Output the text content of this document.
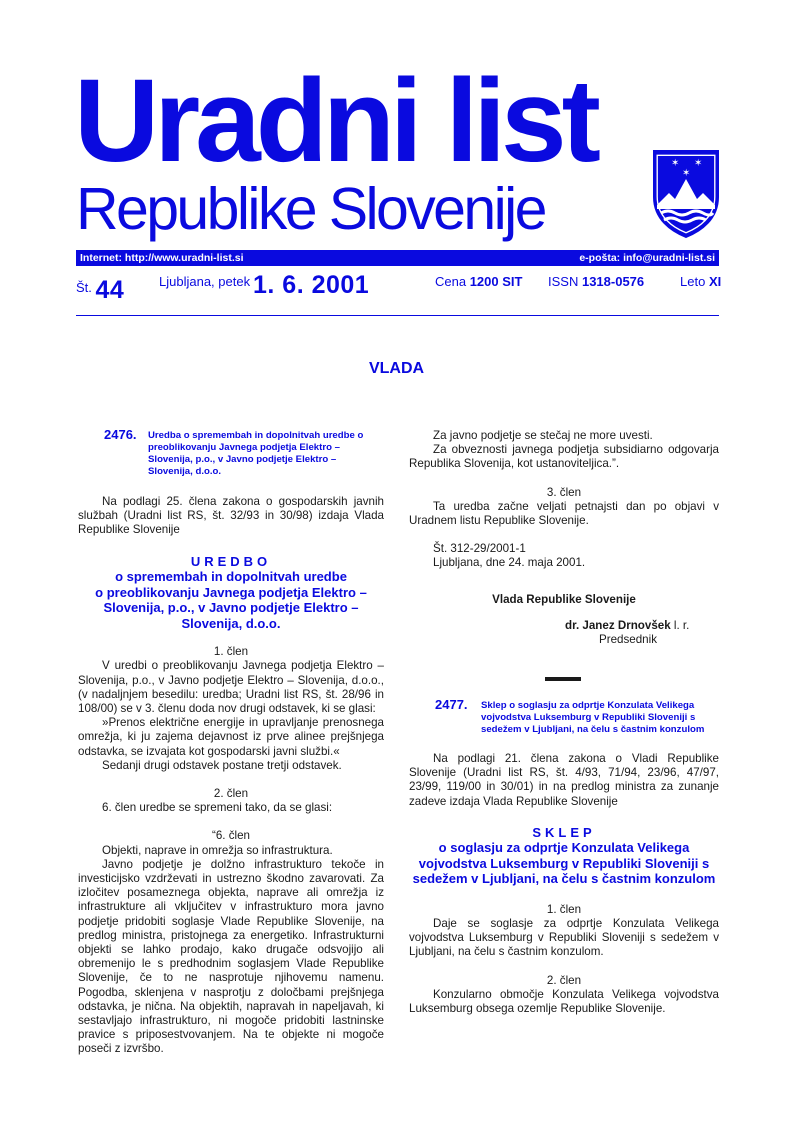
Uradni list
Republike Slovenije
✶ ✶
✶
Internet: http://www.uradni-list.si	e-pošta: info@uradni-list.si
Št. 44	Ljubljana, petek 1. 6. 2001	Cena 1200 SIT ISSN 1318-0576	Leto XI
VLADA
2476.	Uredba o spremembah in dopolnitvah uredbe o preoblikovanju Javnega podjetja Elektro – Slovenija, p.o., v Javno podjetje Elektro – Slovenija, d.o.o.

Na podlagi 25. člena zakona o gospodarskih javnih službah (Uradni list RS, št. 32/93 in 30/98) izdaja Vlada Republike Slovenije

UREDBO
o spremembah in dopolnitvah uredbe
o preoblikovanju Javnega podjetja Elektro –
Slovenija, p.o., v Javno podjetje Elektro –
Slovenija, d.o.o.

1. člen

V uredbi o preoblikovanju Javnega podjetja Elektro – Slovenija, p.o., v Javno podjetje Elektro – Slovenija, d.o.o., (v nadaljnjem besedilu: uredba; Uradni list RS, št. 28/96 in 108/00) se v 3. členu doda nov drugi odstavek, ki se glasi:

»Prenos električne energije in upravljanje prenosnega omrežja, ki ju zajema dejavnost iz prve alinee prejšnjega odstavka, se izvajata kot gospodarski javni službi.«

Sedanji drugi odstavek postane tretji odstavek.

2. člen

6. člen uredbe se spremeni tako, da se glasi:

“6. člen

Objekti, naprave in omrežja so infrastruktura.

Javno podjetje je dolžno infrastrukturo tekoče in investicijsko vzdrževati in ustrezno škodno zavarovati. Za izločitev posameznega objekta, naprave ali omrežja iz infrastrukture ali vključitev v infrastrukturo mora javno podjetje pridobiti soglasje Vlade Republike Slovenije, na predlog ministra, pristojnega za energetiko. Infrastrukturni objekti se lahko prodajo, kako drugače odsvojijo ali obremenijo le s predhodnim soglasjem Vlade Republike Slovenije, če to ne nasprotuje njihovemu namenu. Pogodba, sklenjena v nasprotju z določbami prejšnjega odstavka, je nična. Na objektih, napravah in napeljavah, ki sestavljajo infrastrukturo, ni mogoče pridobiti lastninske pravice s priposestvovanjem. Na te objekte ni mogoče poseči z izvršbo.

Za javno podjetje se stečaj ne more uvesti.

Za obveznosti javnega podjetja subsidiarno odgovarja Republika Slovenija, kot ustanoviteljica.”.

3. člen

Ta uredba začne veljati petnajsti dan po objavi v Uradnem listu Republike Slovenije.

Št. 312-29/2001-1

Ljubljana, dne 24. maja 2001.

Vlada Republike Slovenije

dr. Janez Drnovšek l. r.

Predsednik

2477.	Sklep o soglasju za odprtje Konzulata Velikega vojvodstva Luksemburg v Republiki Sloveniji s sedežem v Ljubljani, na čelu s častnim konzulom

Na podlagi 21. člena zakona o Vladi Republike Slovenije (Uradni list RS, št. 4/93, 71/94, 23/96, 47/97, 23/99, 119/00 in 30/01) in na predlog ministra za zunanje zadeve izdaja Vlada Republike Slovenije

SKLEP
o soglasju za odprtje Konzulata Velikega
vojvodstva Luksemburg v Republiki Sloveniji s
sedežem v Ljubljani, na čelu s častnim konzulom

1. člen

Daje se soglasje za odprtje Konzulata Velikega vojvodstva Luksemburg v Republiki Sloveniji s sedežem v Ljubljani, na čelu s častnim konzulom.

2. člen

Konzularno območje Konzulata Velikega vojvodstva Luksemburg obsega ozemlje Republike Slovenije.
